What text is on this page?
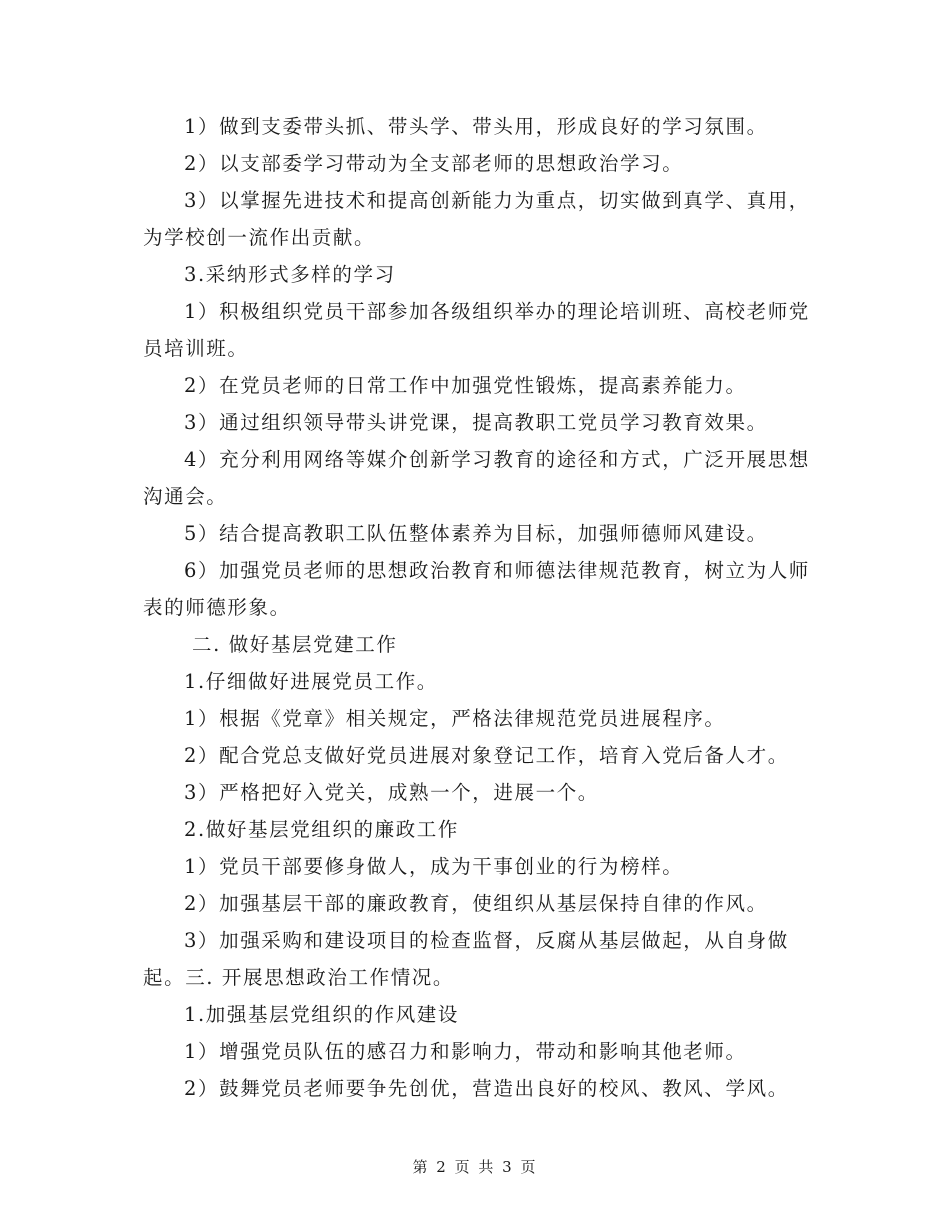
1）做到支委带头抓、带头学、带头用，形成良好的学习氛围。

2）以支部委学习带动为全支部老师的思想政治学习。

3）以掌握先进技术和提高创新能力为重点，切实做到真学、真用，为学校创一流作出贡献。

3.采纳形式多样的学习

1）积极组织党员干部参加各级组织举办的理论培训班、高校老师党员培训班。

2）在党员老师的日常工作中加强党性锻炼，提高素养能力。

3）通过组织领导带头讲党课，提高教职工党员学习教育效果。

4）充分利用网络等媒介创新学习教育的途径和方式，广泛开展思想沟通会。

5）结合提高教职工队伍整体素养为目标，加强师德师风建设。

6）加强党员老师的思想政治教育和师德法律规范教育，树立为人师表的师德形象。

二. 做好基层党建工作

1.仔细做好进展党员工作。

1）根据《党章》相关规定，严格法律规范党员进展程序。

2）配合党总支做好党员进展对象登记工作，培育入党后备人才。

3）严格把好入党关，成熟一个，进展一个。

2.做好基层党组织的廉政工作

1）党员干部要修身做人，成为干事创业的行为榜样。

2）加强基层干部的廉政教育，使组织从基层保持自律的作风。

3）加强采购和建设项目的检查监督，反腐从基层做起，从自身做起。三. 开展思想政治工作情况。

1.加强基层党组织的作风建设

1）增强党员队伍的感召力和影响力，带动和影响其他老师。

2）鼓舞党员老师要争先创优，营造出良好的校风、教风、学风。

第 2 页 共 3 页
